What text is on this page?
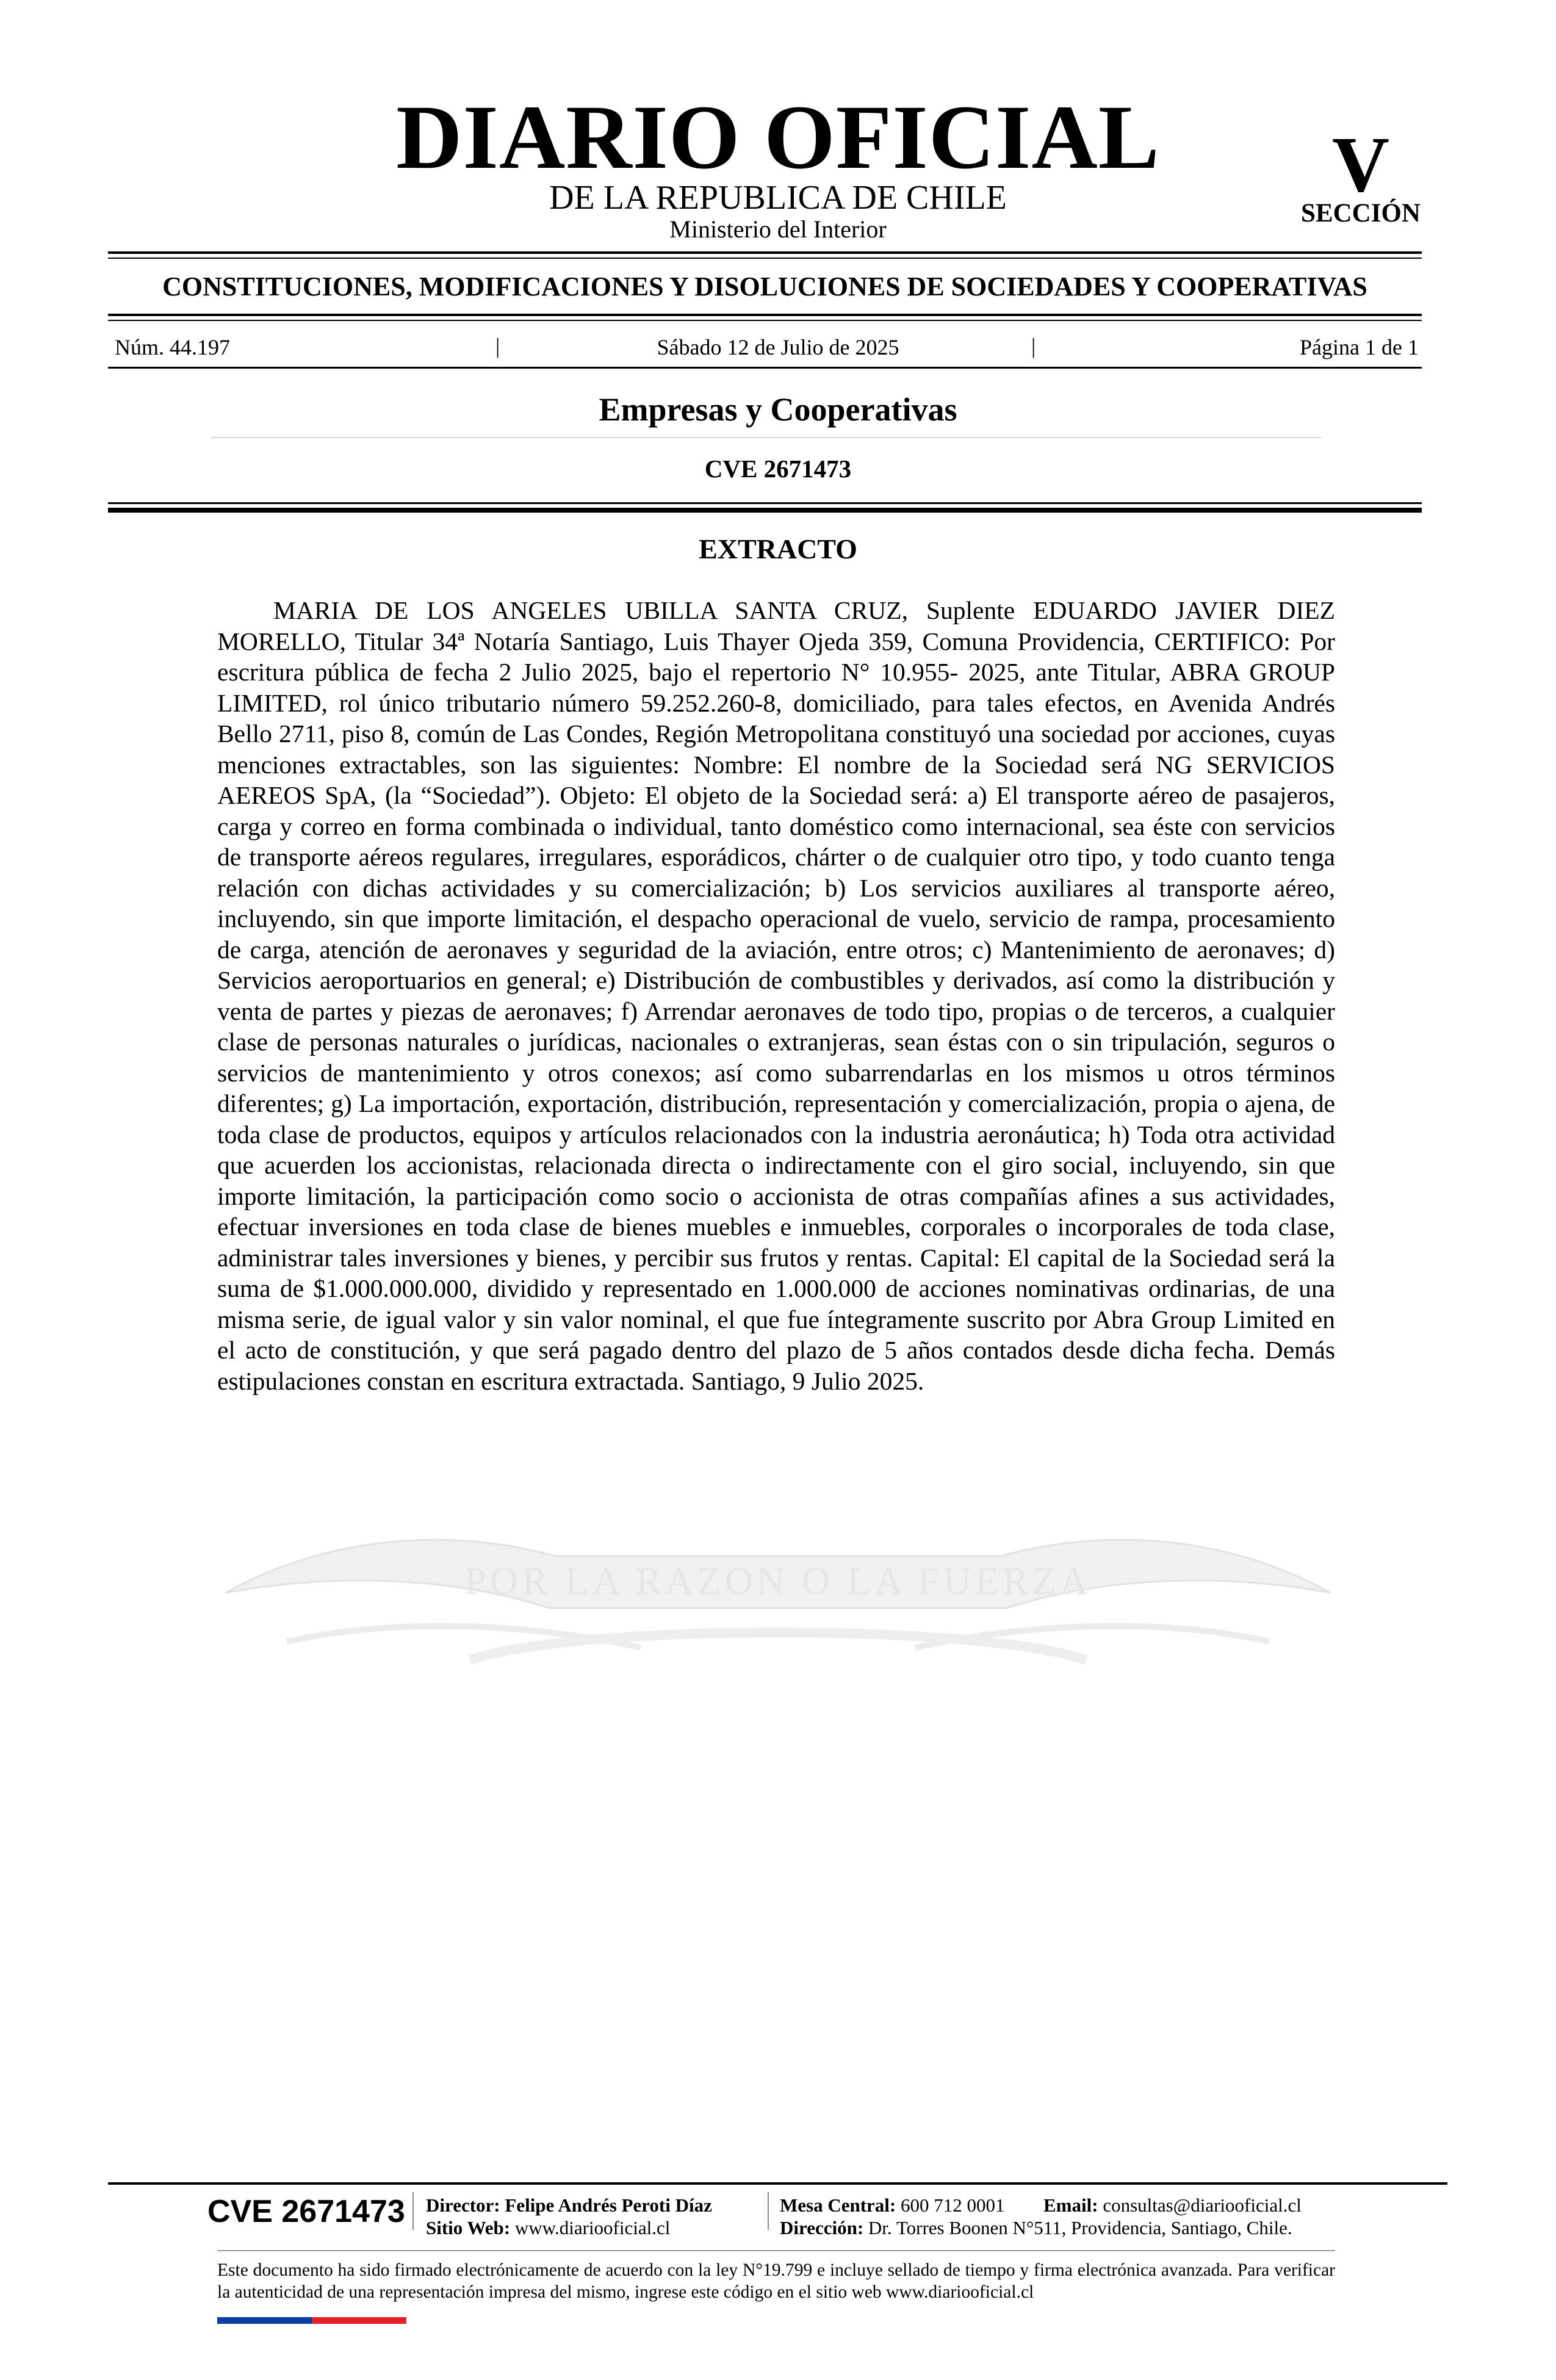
DIARIO OFICIAL
DE LA REPUBLICA DE CHILE
Ministerio del Interior
V
SECCIÓN
CONSTITUCIONES, MODIFICACIONES Y DISOLUCIONES DE SOCIEDADES Y COOPERATIVAS
Núm. 44.197	|	Sábado 12 de Julio de 2025	|	Página 1 de 1
Empresas y Cooperativas
CVE 2671473
POR LA RAZON O LA FUERZA
EXTRACTO

MARIA DE LOS ANGELES UBILLA SANTA CRUZ, Suplente EDUARDO JAVIER DIEZ MORELLO, Titular 34ª Notaría Santiago, Luis Thayer Ojeda 359, Comuna Providencia, CERTIFICO: Por escritura pública de fecha 2 Julio 2025, bajo el repertorio N° 10.955- 2025, ante Titular, ABRA GROUP LIMITED, rol único tributario número 59.252.260-8, domiciliado, para tales efectos, en Avenida Andrés Bello 2711, piso 8, común de Las Condes, Región Metropolitana constituyó una sociedad por acciones, cuyas menciones extractables, son las siguientes: Nombre: El nombre de la Sociedad será NG SERVICIOS AEREOS SpA, (la “Sociedad”). Objeto: El objeto de la Sociedad será: a) El transporte aéreo de pasajeros, carga y correo en forma combinada o individual, tanto doméstico como internacional, sea éste con servicios de transporte aéreos regulares, irregulares, esporádicos, chárter o de cualquier otro tipo, y todo cuanto tenga relación con dichas actividades y su comercialización; b) Los servicios auxiliares al transporte aéreo, incluyendo, sin que importe limitación, el despacho operacional de vuelo, servicio de rampa, procesamiento de carga, atención de aeronaves y seguridad de la aviación, entre otros; c) Mantenimiento de aeronaves; d) Servicios aeroportuarios en general; e) Distribución de combustibles y derivados, así como la distribución y venta de partes y piezas de aeronaves; f) Arrendar aeronaves de todo tipo, propias o de terceros, a cualquier clase de personas naturales o jurídicas, nacionales o extranjeras, sean éstas con o sin tripulación, seguros o servicios de mantenimiento y otros conexos; así como subarrendarlas en los mismos u otros términos diferentes; g) La importación, exportación, distribución, representación y comercialización, propia o ajena, de toda clase de productos, equipos y artículos relacionados con la industria aeronáutica; h) Toda otra actividad que acuerden los accionistas, relacionada directa o indirectamente con el giro social, incluyendo, sin que importe limitación, la participación como socio o accionista de otras compañías afines a sus actividades, efectuar inversiones en toda clase de bienes muebles e inmuebles, corporales o incorporales de toda clase, administrar tales inversiones y bienes, y percibir sus frutos y rentas. Capital: El capital de la Sociedad será la suma de $1.000.000.000, dividido y representado en 1.000.000 de acciones nominativas ordinarias, de una misma serie, de igual valor y sin valor nominal, el que fue íntegramente suscrito por Abra Group Limited en el acto de constitución, y que será pagado dentro del plazo de 5 años contados desde dicha fecha. Demás estipulaciones constan en escritura extractada. Santiago, 9 Julio 2025.

CVE 2671473 Director: Felipe Andrés Peroti Díaz
Sitio Web: www.diariooficial.cl
Mesa Central: 600 712 0001 Email: consultas@diariooficial.cl
Dirección: Dr. Torres Boonen N°511, Providencia, Santiago, Chile.

Este documento ha sido firmado electrónicamente de acuerdo con la ley N°19.799 e incluye sellado de tiempo y firma electrónica avanzada. Para verificar la autenticidad de una representación impresa del mismo, ingrese este código en el sitio web www.diariooficial.cl
